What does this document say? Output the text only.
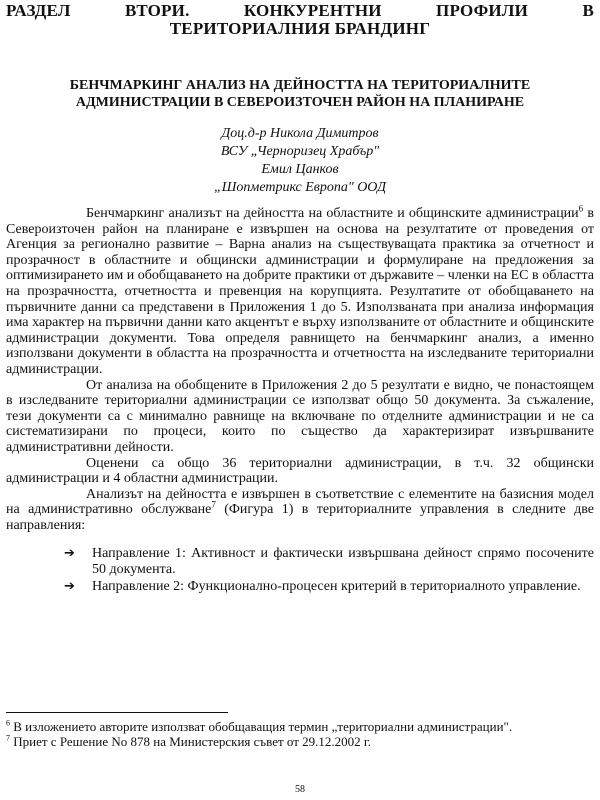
РАЗДЕЛ ВТОРИ. КОНКУРЕНТНИ ПРОФИЛИ В
ТЕРИТОРИАЛНИЯ БРАНДИНГ
БЕНЧМАРКИНГ АНАЛИЗ НА ДЕЙНОСТТА НА ТЕРИТОРИАЛНИТЕ АДМИНИСТРАЦИИ В СЕВЕРОИЗТОЧЕН РАЙОН НА ПЛАНИРАНЕ
Доц.д-р Никола Димитров
ВСУ „Черноризец Храбър"
Емил Цанков
„Шопметрикс Европа" ООД

Бенчмаркинг анализът на дейността на областните и общинските администрации$^6$ в Североизточен район на планиране е извършен на основа на резултатите от проведения от Агенция за регионално развитие – Варна анализ на съществуващата практика за отчетност и прозрачност в областните и общински администрации и формулиране на предложения за оптимизирането им и обобщаването на добрите практики от държавите – членки на ЕС в областта на прозрачността, отчетността и превенция на корупцията. Резултатите от обобщаването на първичните данни са представени в Приложения 1 до 5. Използваната при анализа информация има характер на първични данни като акцентът е върху използваните от областните и общинските администрации документи. Това определя равнището на бенчмаркинг анализ, а именно използвани документи в областта на прозрачността и отчетността на изследваните териториални администрации.

От анализа на обобщените в Приложения 2 до 5 резултати е видно, че понастоящем в изследваните териториални администрации се използват общо 50 документа. За съжаление, тези документи са с минимално равнище на включване по отделните администрации и не са систематизирани по процеси, които по същество да характеризират извършваните административни дейности.

Оценени са общо 36 териториални администрации, в т.ч. 32 общински администрации и 4 областни администрации.

Анализът на дейността е извършен в съответствие с елементите на базисния модел на административно обслужване$^7$ (Фигура 1) в териториалните управления в следните две направления:

➔ Направление 1: Активност и фактически извършвана дейност спрямо посочените 50 документа.
➔ Направление 2: Функционално-процесен критерий в териториалното управление.

$^6$ В изложението авторите използват обобщаващия термин „териториални администрации".

$^7$ Приет с Решение No 878 на Министерския съвет от 29.12.2002 г.

58
